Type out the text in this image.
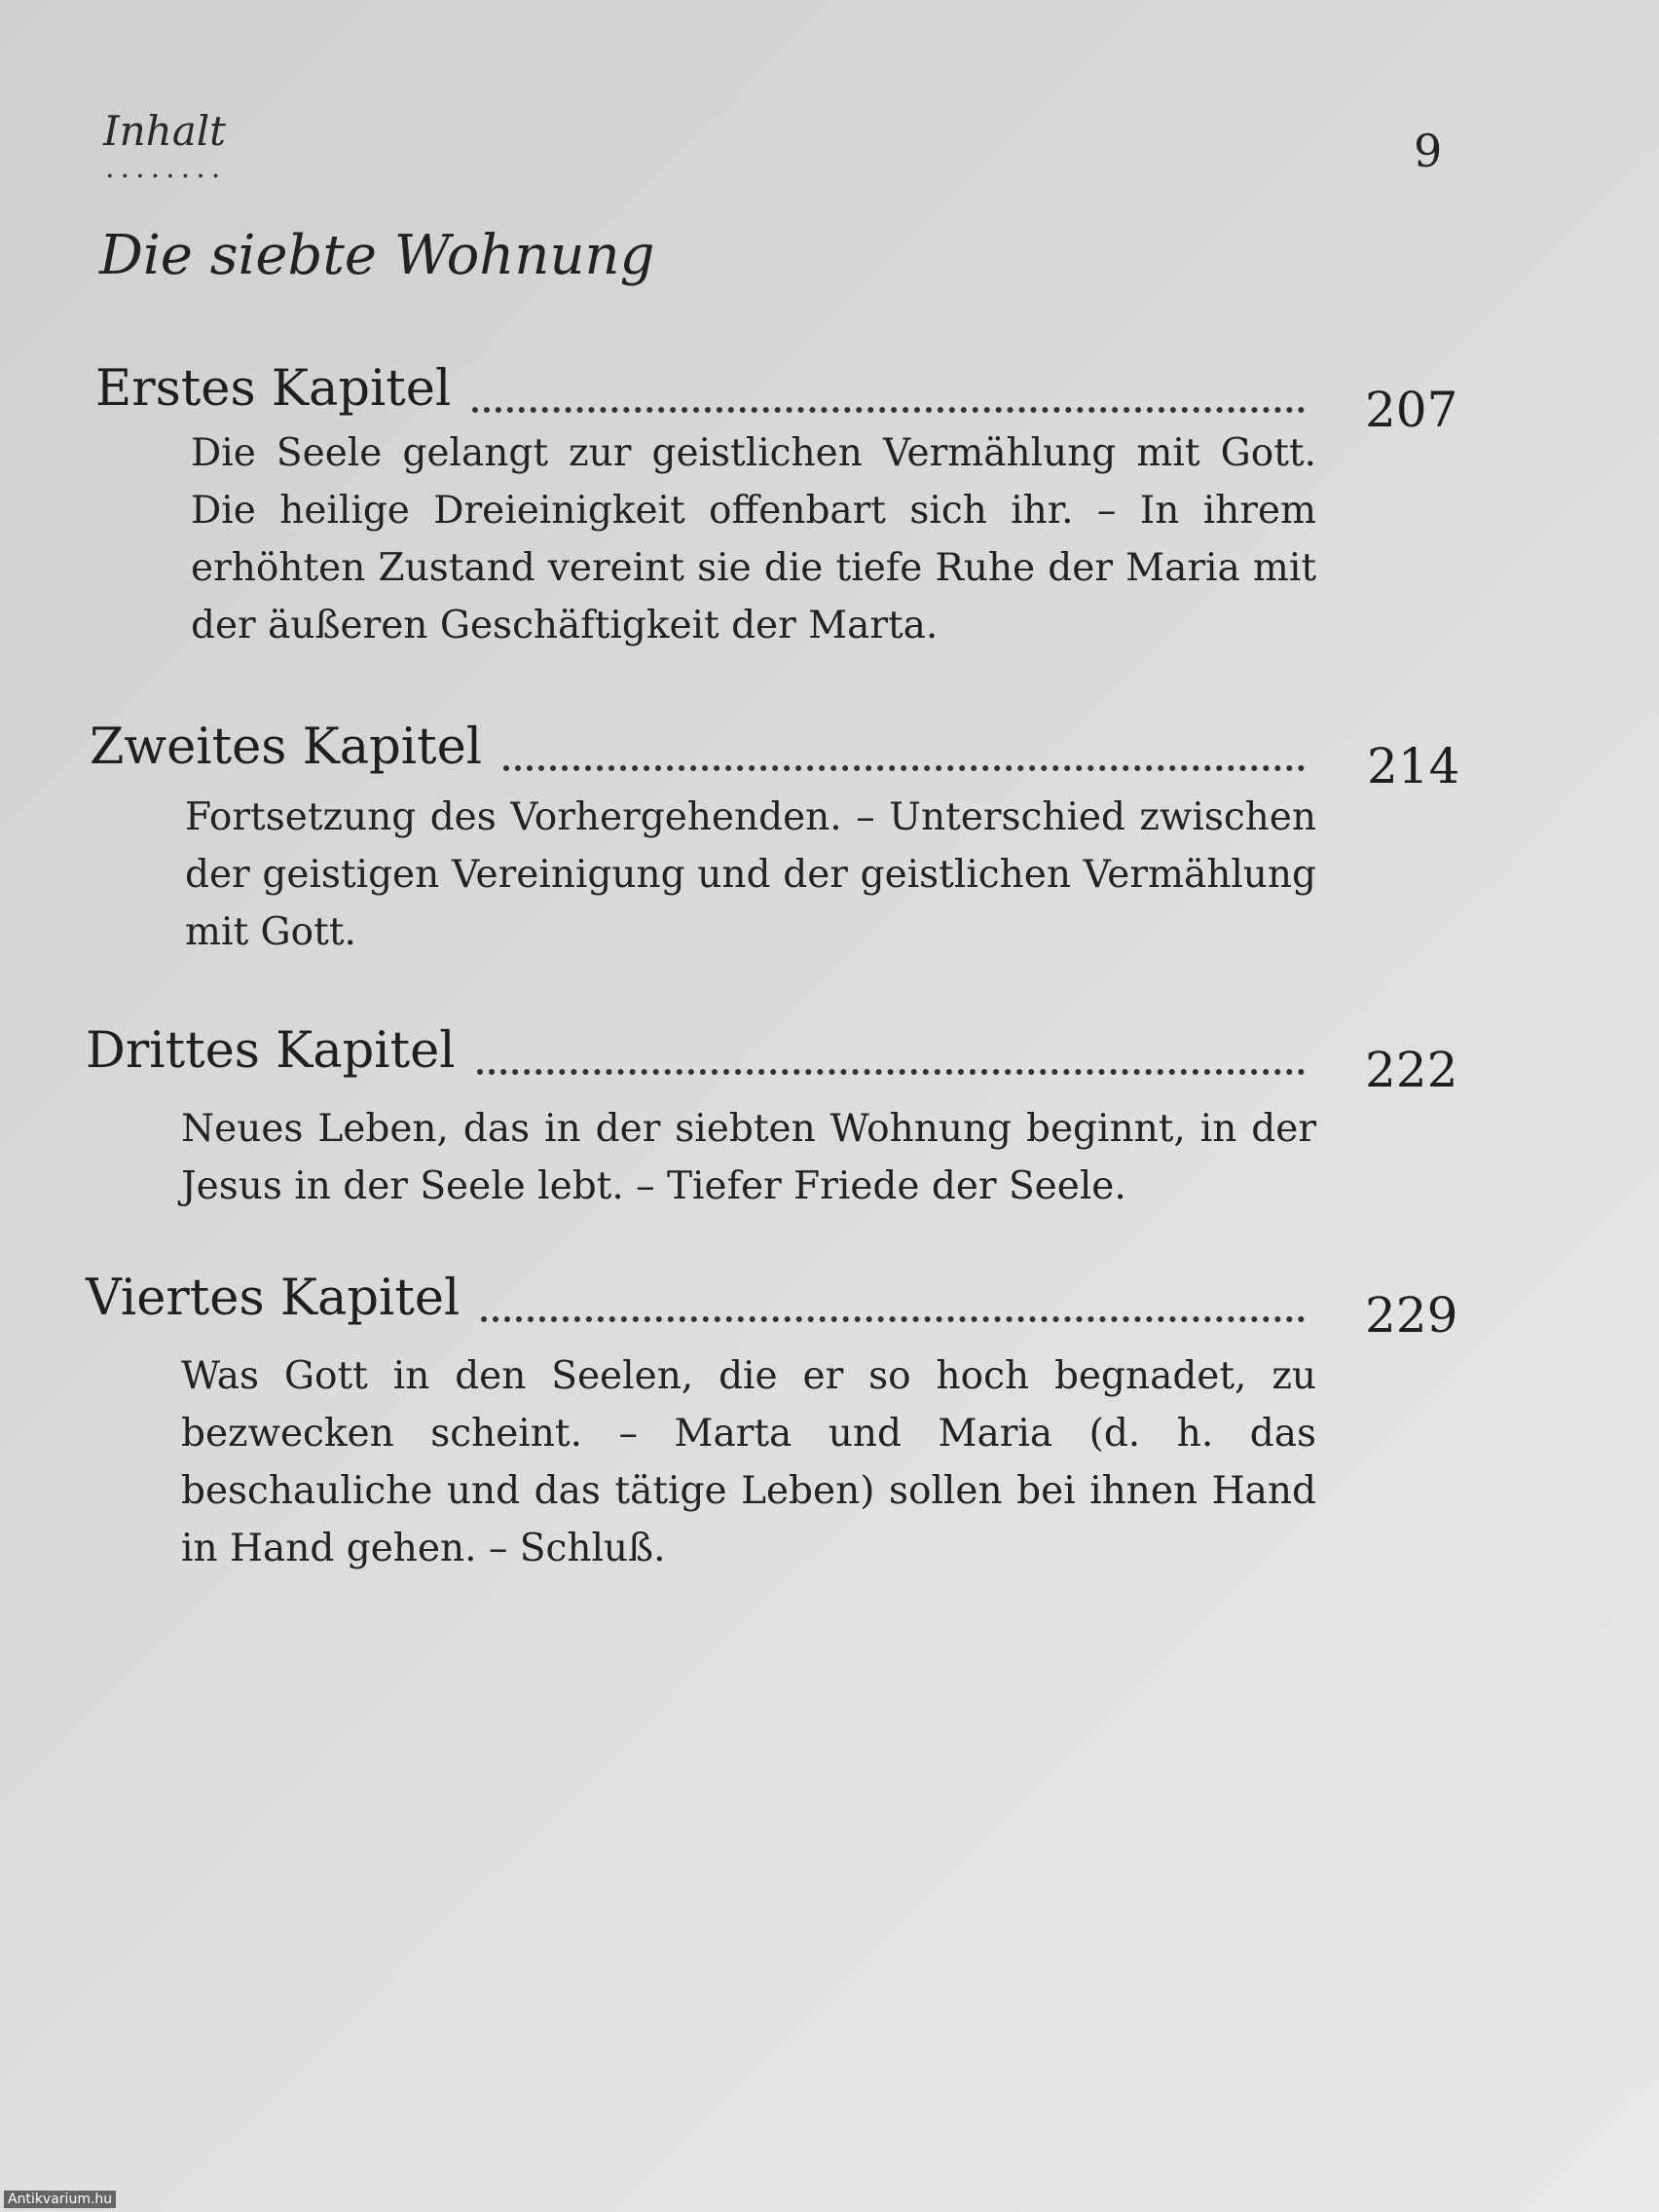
Inhalt
........	9
Die siebte Wohnung
Erstes Kapitel	207
Die Seele gelangt zur geistlichen Vermählung mit Gott. Die heilige Dreieinigkeit offenbart sich ihr. – In ihrem erhöhten Zustand vereint sie die tiefe Ruhe der Maria mit der äußeren Geschäftigkeit der Marta.
Zweites Kapitel	214
Fortsetzung des Vorhergehenden. – Unterschied zwischen der geistigen Vereinigung und der geistlichen Vermählung mit Gott.
Drittes Kapitel	222
Neues Leben, das in der siebten Wohnung beginnt, in der Jesus in der Seele lebt. – Tiefer Friede der Seele.
Viertes Kapitel	229
Was Gott in den Seelen, die er so hoch begnadet, zu bezwecken scheint. – Marta und Maria (d. h. das beschauliche und das tätige Leben) sollen bei ihnen Hand in Hand gehen. – Schluß.
Antikvarium.hu
